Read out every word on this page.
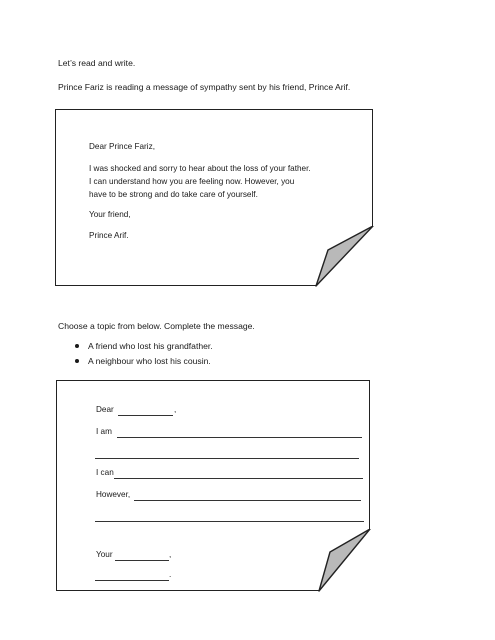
Let’s read and write.
Prince Fariz is reading a message of sympathy sent by his friend, Prince Arif.
Dear Prince Fariz,
I was shocked and sorry to hear about the loss of your father.
I can understand how you are feeling now. However, you
have to be strong and do take care of yourself.
Your friend,
Prince Arif.
Choose a topic from below. Complete the message.
A friend who lost his grandfather.
A neighbour who lost his cousin.
Dear	,
I am
I can
However,
Your	,
.
